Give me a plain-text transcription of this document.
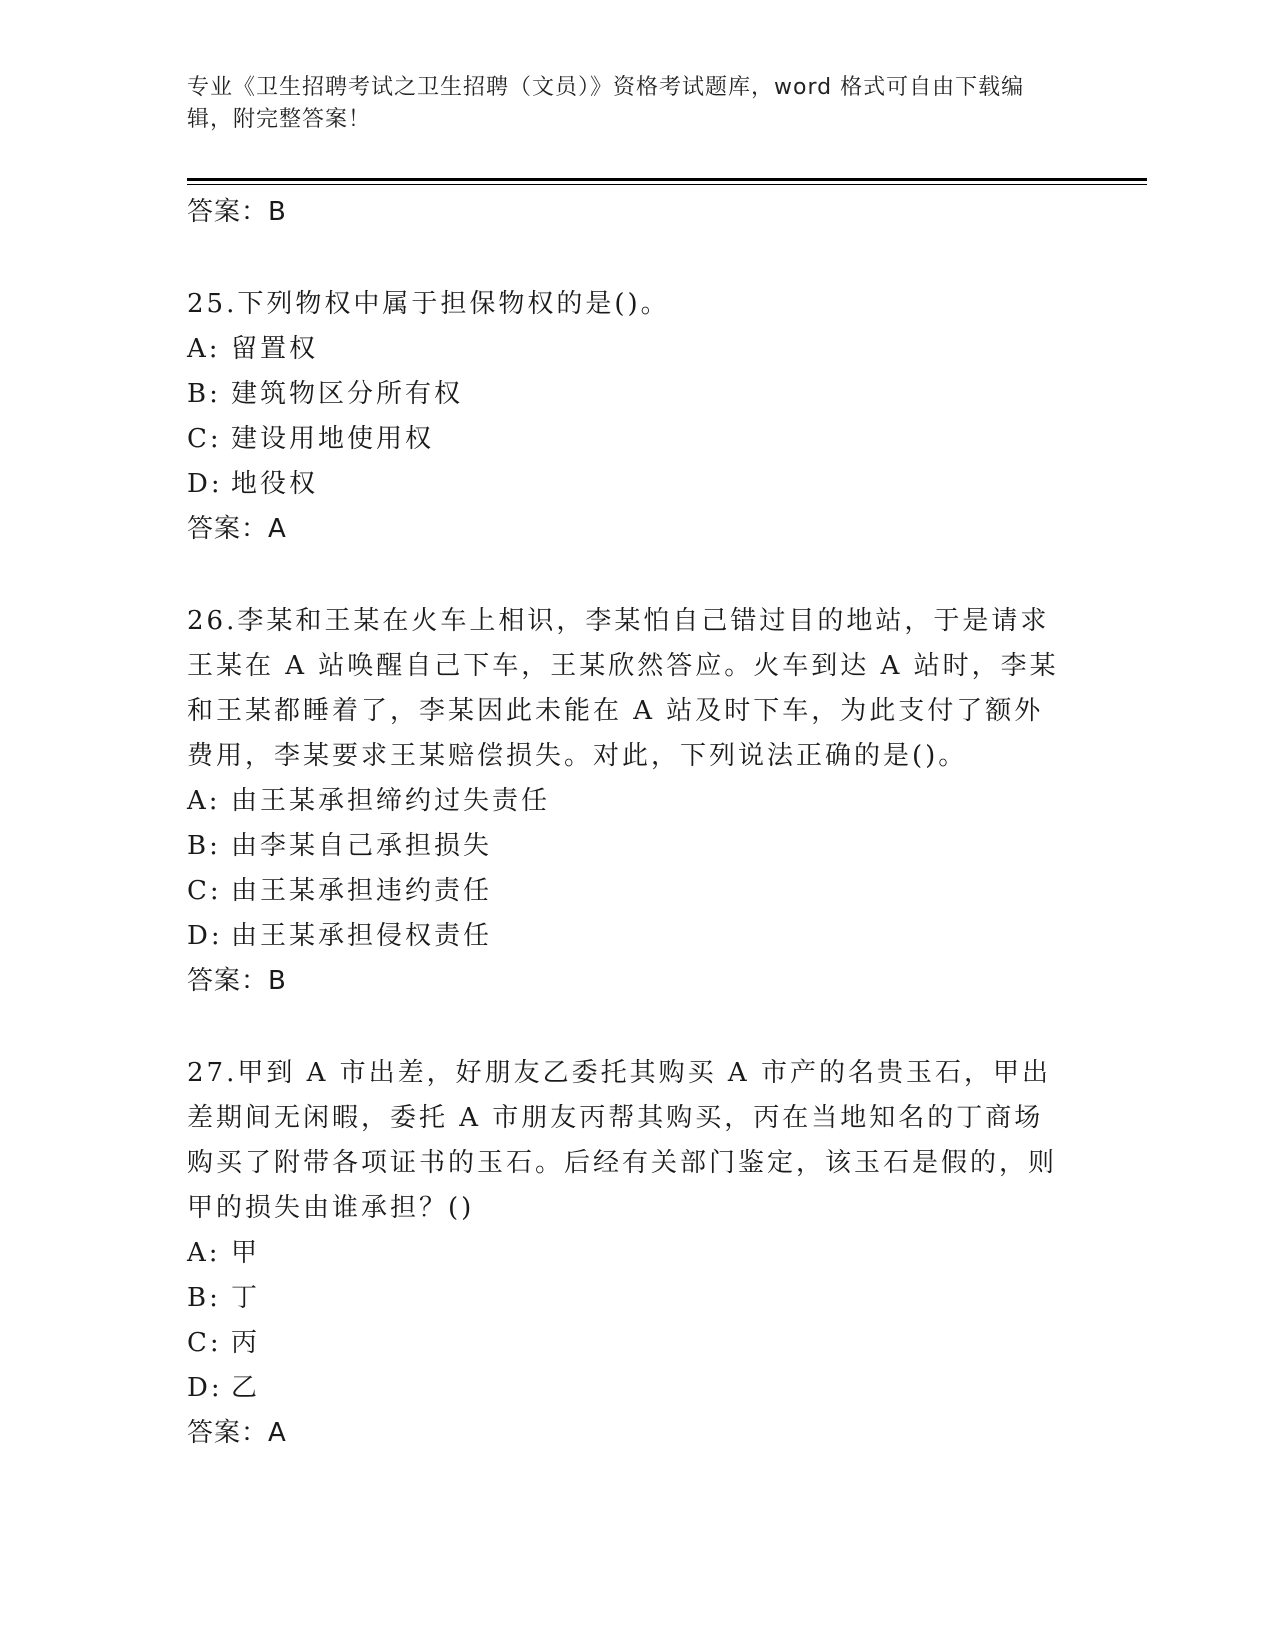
专业《卫生招聘考试之卫生招聘（文员）》资格考试题库，word 格式可自由下载编辑，附完整答案！
答案：B
25.下列物权中属于担保物权的是()。
A: 留置权
B: 建筑物区分所有权
C: 建设用地使用权
D: 地役权
答案：A
26.李某和王某在火车上相识，李某怕自己错过目的地站，于是请求王某在 A 站唤醒自己下车，王某欣然答应。火车到达 A 站时，李某和王某都睡着了，李某因此未能在 A 站及时下车，为此支付了额外费用，李某要求王某赔偿损失。对此，下列说法正确的是()。
A: 由王某承担缔约过失责任
B: 由李某自己承担损失
C: 由王某承担违约责任
D: 由王某承担侵权责任
答案：B
27.甲到 A 市出差，好朋友乙委托其购买 A 市产的名贵玉石，甲出差期间无闲暇，委托 A 市朋友丙帮其购买，丙在当地知名的丁商场购买了附带各项证书的玉石。后经有关部门鉴定，该玉石是假的，则甲的损失由谁承担？()
A: 甲
B: 丁
C: 丙
D: 乙
答案：A
